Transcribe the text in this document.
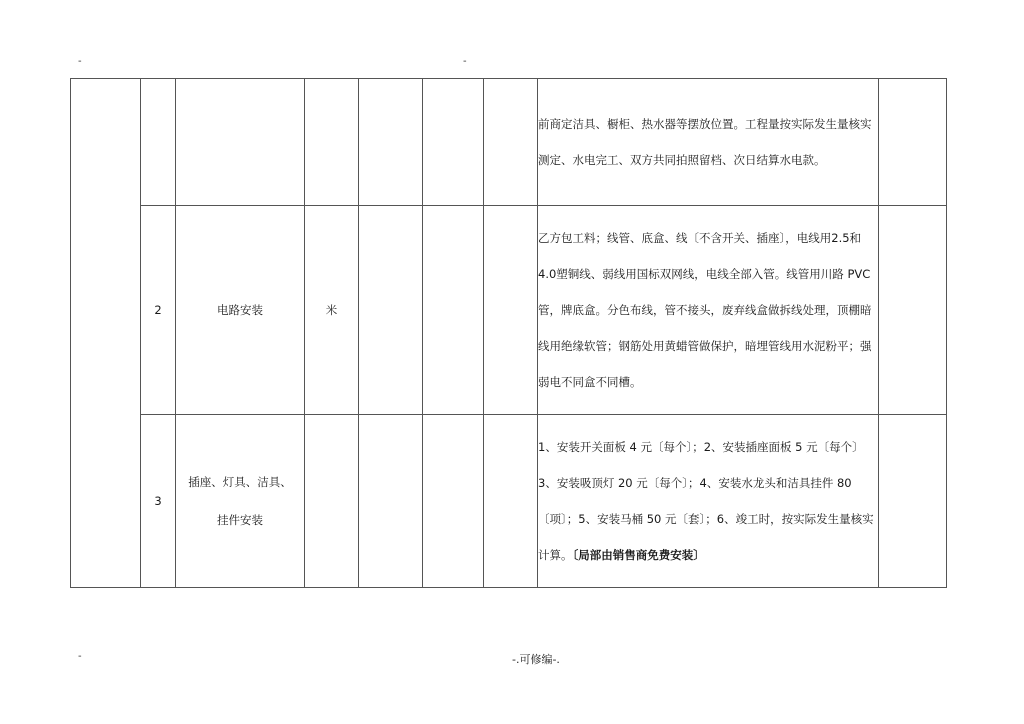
-	-

					前商定洁具、橱柜、热水器等摆放位置。工程量按实际发生量核实测定、水电完工、双方共同拍照留档、次日结算水电款。	
	2	电路安装	米				乙方包工料；线管、底盒、线〔不含开关、插座〕，电线用2.5和4.0塑铜线、弱线用国标双网线，电线全部入管。线管用川路 PVC 管，牌底盒。分色布线，管不接头，废弃线盒做拆线处理，顶棚暗线用绝缘软管；钢筋处用黄蜡管做保护，暗埋管线用水泥粉平；强弱电不同盒不同槽。	
	3	插座、灯具、洁具、
挂件安装					1、安装开关面板 4 元〔每个〕；2、安装插座面板 5 元〔每个〕3、安装吸顶灯 20 元〔每个〕；4、安装水龙头和洁具挂件 80〔项〕；5、安装马桶 50 元〔套〕；6、竣工时，按实际发生量核实计算。〔局部由销售商免费安装〕	
-	-.可修编-.
